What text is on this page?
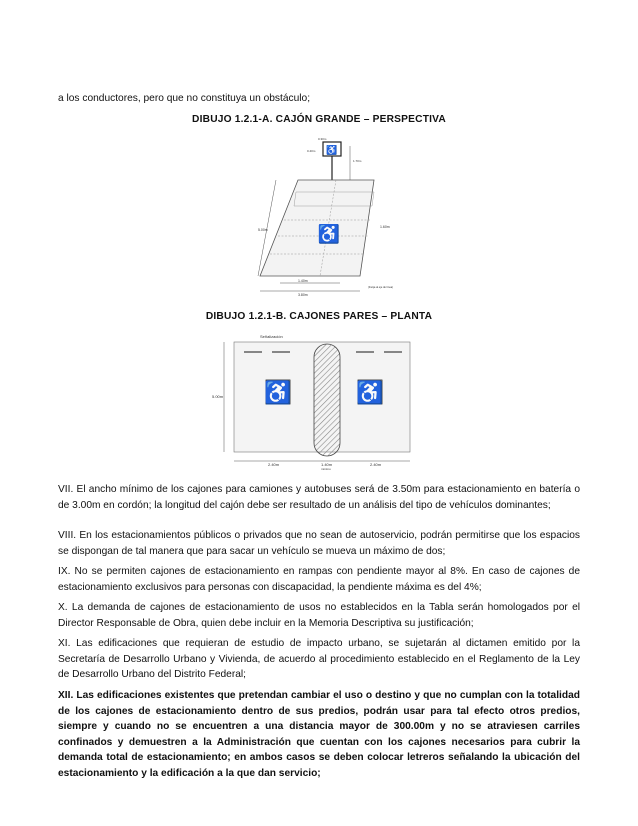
a los conductores, pero que no constituya un obstáculo;
DIBUJO 1.2.1-A. CAJÓN GRANDE – PERSPECTIVA
♿
0.30m
0.40m
1.70m
♿
5.00m
1.60m
1.40m
3.80m
(franja al eje de línea)
DIBUJO 1.2.1-B. CAJONES PARES – PLANTA
Señalización
♿	♿
5.00m
2.40m	1.40m
mínimo
2.40m
VII. El ancho mínimo de los cajones para camiones y autobuses será de 3.50m para estacionamiento en batería o de 3.00m en cordón; la longitud del cajón debe ser resultado de un análisis del tipo de vehículos dominantes;
VIII. En los estacionamientos públicos o privados que no sean de autoservicio, podrán permitirse que los espacios se dispongan de tal manera que para sacar un vehículo se mueva un máximo de dos;
IX. No se permiten cajones de estacionamiento en rampas con pendiente mayor al 8%. En caso de cajones de estacionamiento exclusivos para personas con discapacidad, la pendiente máxima es del 4%;
X. La demanda de cajones de estacionamiento de usos no establecidos en la Tabla serán homologados por el Director Responsable de Obra, quien debe incluir en la Memoria Descriptiva su justificación;
XI. Las edificaciones que requieran de estudio de impacto urbano, se sujetarán al dictamen emitido por la Secretaría de Desarrollo Urbano y Vivienda, de acuerdo al procedimiento establecido en el Reglamento de la Ley de Desarrollo Urbano del Distrito Federal;
XII. Las edificaciones existentes que pretendan cambiar el uso o destino y que no cumplan con la totalidad de los cajones de estacionamiento dentro de sus predios, podrán usar para tal efecto otros predios, siempre y cuando no se encuentren a una distancia mayor de 300.00m y no se atraviesen carriles confinados y demuestren a la Administración que cuentan con los cajones necesarios para cubrir la demanda total de estacionamiento; en ambos casos se deben colocar letreros señalando la ubicación del estacionamiento y la edificación a la que dan servicio;
